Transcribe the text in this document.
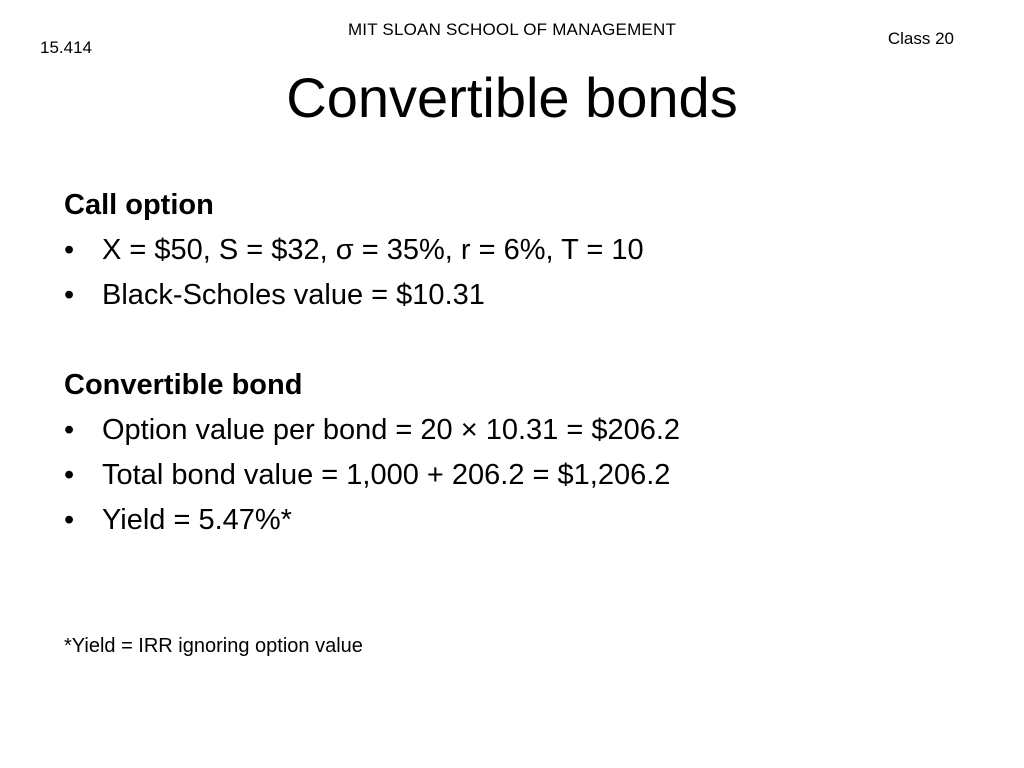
MIT SLOAN SCHOOL OF MANAGEMENT
15.414	Class 20
Convertible bonds

Call option

• X = $50, S = $32, σ = 35%, r = 6%, T = 10
• Black-Scholes value = $10.31

Convertible bond

• Option value per bond = 20 × 10.31 = $206.2
• Total bond value = 1,000 + 206.2 = $1,206.2
• Yield = 5.47%*
*Yield = IRR ignoring option value
